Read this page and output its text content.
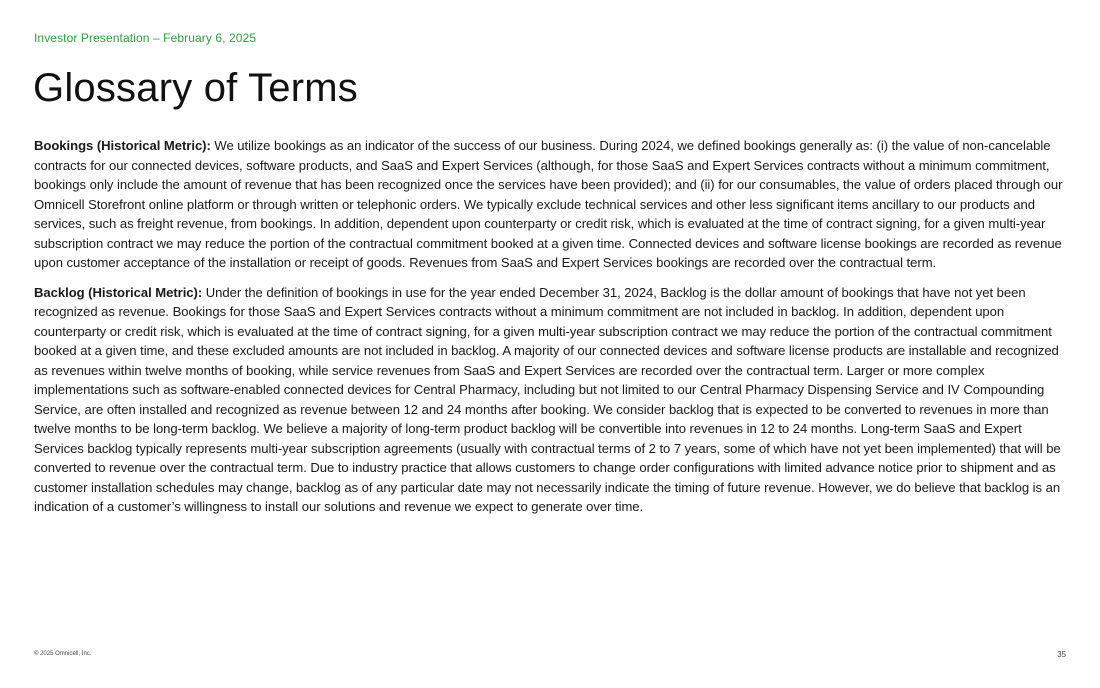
Investor Presentation – February 6, 2025
Glossary of Terms

Bookings (Historical Metric): We utilize bookings as an indicator of the success of our business. During 2024, we defined bookings generally as: (i) the value of non-cancelable contracts for our connected devices, software products, and SaaS and Expert Services (although, for those SaaS and Expert Services contracts without a minimum commitment, bookings only include the amount of revenue that has been recognized once the services have been provided); and (ii) for our consumables, the value of orders placed through our Omnicell Storefront online platform or through written or telephonic orders. We typically exclude technical services and other less significant items ancillary to our products and services, such as freight revenue, from bookings. In addition, dependent upon counterparty or credit risk, which is evaluated at the time of contract signing, for a given multi-year subscription contract we may reduce the portion of the contractual commitment booked at a given time. Connected devices and software license bookings are recorded as revenue upon customer acceptance of the installation or receipt of goods. Revenues from SaaS and Expert Services bookings are recorded over the contractual term.

Backlog (Historical Metric): Under the definition of bookings in use for the year ended December 31, 2024, Backlog is the dollar amount of bookings that have not yet been recognized as revenue. Bookings for those SaaS and Expert Services contracts without a minimum commitment are not included in backlog. In addition, dependent upon counterparty or credit risk, which is evaluated at the time of contract signing, for a given multi-year subscription contract we may reduce the portion of the contractual commitment booked at a given time, and these excluded amounts are not included in backlog. A majority of our connected devices and software license products are installable and recognized as revenues within twelve months of booking, while service revenues from SaaS and Expert Services are recorded over the contractual term. Larger or more complex implementations such as software-enabled connected devices for Central Pharmacy, including but not limited to our Central Pharmacy Dispensing Service and IV Compounding Service, are often installed and recognized as revenue between 12 and 24 months after booking. We consider backlog that is expected to be converted to revenues in more than twelve months to be long-term backlog. We believe a majority of long-term product backlog will be convertible into revenues in 12 to 24 months. Long-term SaaS and Expert Services backlog typically represents multi-year subscription agreements (usually with contractual terms of 2 to 7 years, some of which have not yet been implemented) that will be converted to revenue over the contractual term. Due to industry practice that allows customers to change order configurations with limited advance notice prior to shipment and as customer installation schedules may change, backlog as of any particular date may not necessarily indicate the timing of future revenue. However, we do believe that backlog is an indication of a customer’s willingness to install our solutions and revenue we expect to generate over time.

© 2025 Omnicell, Inc.	35
